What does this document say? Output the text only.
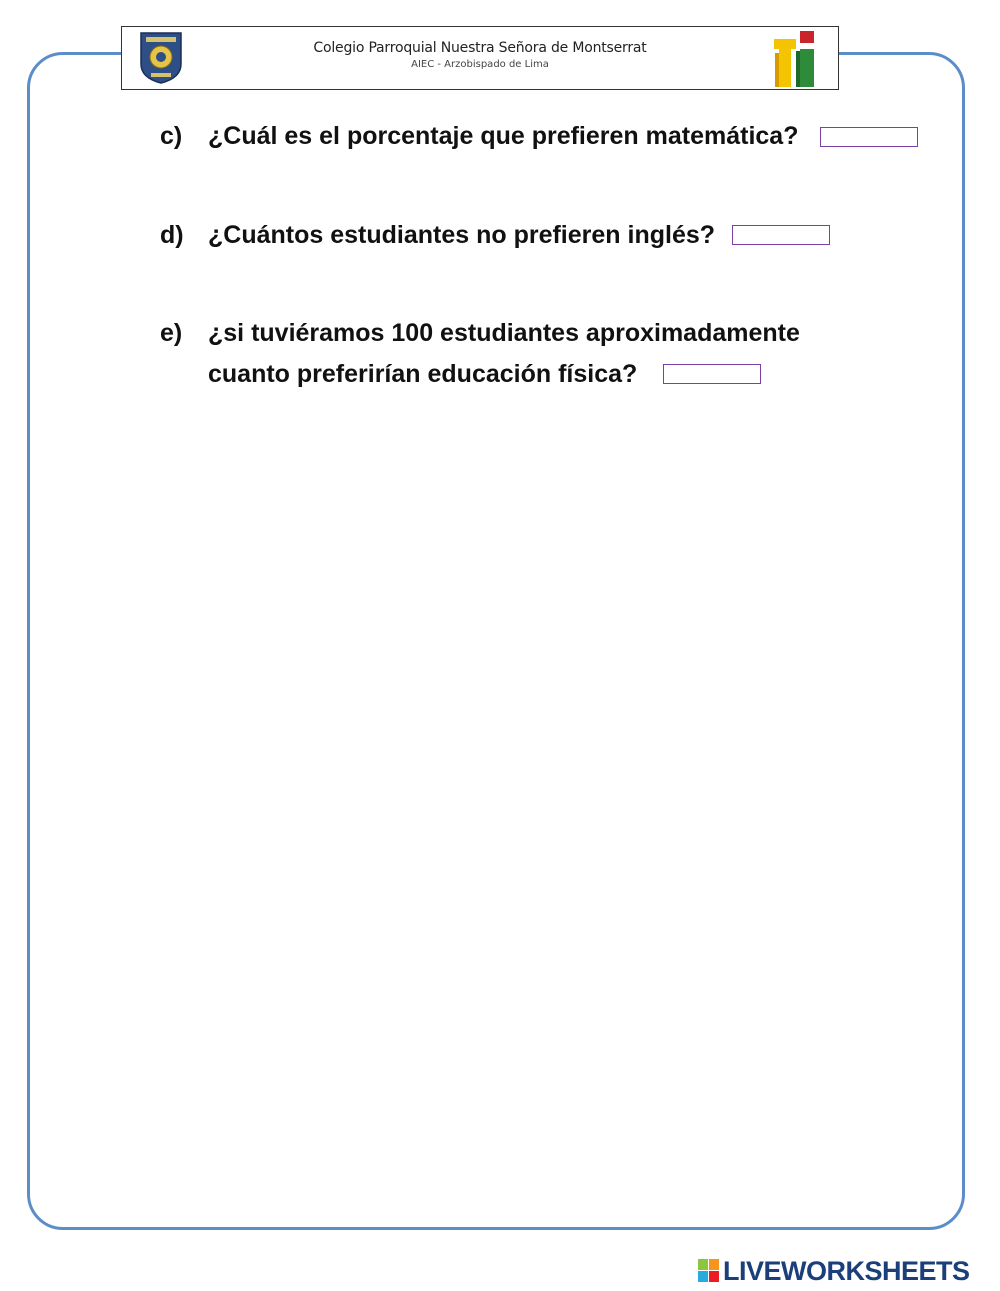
Colegio Parroquial Nuestra Señora de Montserrat
AIEC - Arzobispado de Lima
c) ¿Cuál es el porcentaje que prefieren matemática?
d) ¿Cuántos estudiantes no prefieren inglés?
e) ¿si tuviéramos 100 estudiantes aproximadamente
cuanto preferirían educación física?
LIVEWORKSHEETS
